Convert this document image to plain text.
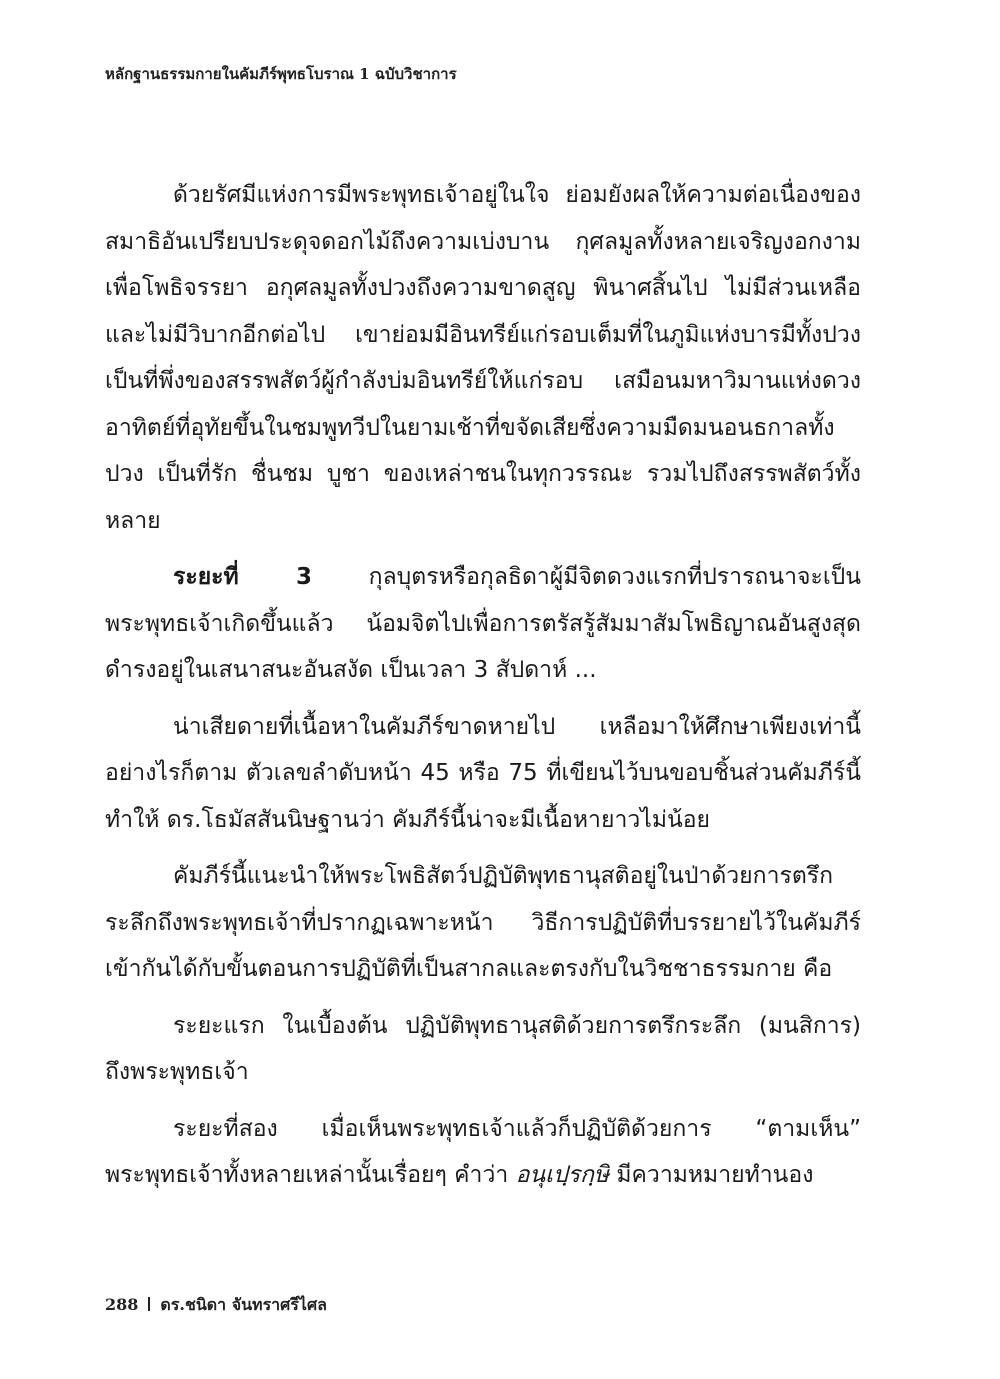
หลักฐานธรรมกายในคัมภีร์พุทธโบราณ 1 ฉบับวิชาการ

ด้วยรัศมีแห่งการมีพระพุทธเจ้าอยู่ในใจ ย่อมยังผลให้ความต่อเนื่องของสมาธิอันเปรียบประดุจดอกไม้ถึงความเบ่งบาน กุศลมูลทั้งหลายเจริญงอกงามเพื่อโพธิจรรยา อกุศลมูลทั้งปวงถึงความขาดสูญ พินาศสิ้นไป ไม่มีส่วนเหลือ และไม่มีวิบากอีกต่อไป เขาย่อมมีอินทรีย์แก่รอบเต็มที่ในภูมิแห่งบารมีทั้งปวง เป็นที่พึ่งของสรรพสัตว์ผู้กำลังบ่มอินทรีย์ให้แก่รอบ เสมือนมหาวิมานแห่งดวงอาทิตย์ที่อุทัยขึ้นในชมพูทวีปในยามเช้าที่ขจัดเสียซึ่งความมืดมนอนธกาลทั้งปวง เป็นที่รัก ชื่นชม บูชา ของเหล่าชนในทุกวรรณะ รวมไปถึงสรรพสัตว์ทั้งหลาย

ระยะที่ 3 กุลบุตรหรือกุลธิดาผู้มีจิตดวงแรกที่ปรารถนาจะเป็นพระพุทธเจ้าเกิดขึ้นแล้ว น้อมจิตไปเพื่อการตรัสรู้สัมมาสัมโพธิญาณอันสูงสุดดำรงอยู่ในเสนาสนะอันสงัด เป็นเวลา 3 สัปดาห์ ...

น่าเสียดายที่เนื้อหาในคัมภีร์ขาดหายไป เหลือมาให้ศึกษาเพียงเท่านี้อย่างไรก็ตาม ตัวเลขลำดับหน้า 45 หรือ 75 ที่เขียนไว้บนขอบชิ้นส่วนคัมภีร์นี้ทำให้ ดร.โธมัสสันนิษฐานว่า คัมภีร์นี้น่าจะมีเนื้อหายาวไม่น้อย

คัมภีร์นี้แนะนำให้พระโพธิสัตว์ปฏิบัติพุทธานุสติอยู่ในป่าด้วยการตรึกระลึกถึงพระพุทธเจ้าที่ปรากฏเฉพาะหน้า วิธีการปฏิบัติที่บรรยายไว้ในคัมภีร์เข้ากันได้กับขั้นตอนการปฏิบัติที่เป็นสากลและตรงกับในวิชชาธรรมกาย คือ

ระยะแรก ในเบื้องต้น ปฏิบัติพุทธานุสติด้วยการตรึกระลึก (มนสิการ) ถึงพระพุทธเจ้า

ระยะที่สอง เมื่อเห็นพระพุทธเจ้าแล้วก็ปฏิบัติด้วยการ “ตามเห็น” พระพุทธเจ้าทั้งหลายเหล่านั้นเรื่อยๆ คำว่า อนุเปฺรกฺษิ มีความหมายทำนอง

288 ดร.ชนิดา จันทราศรีไศล
